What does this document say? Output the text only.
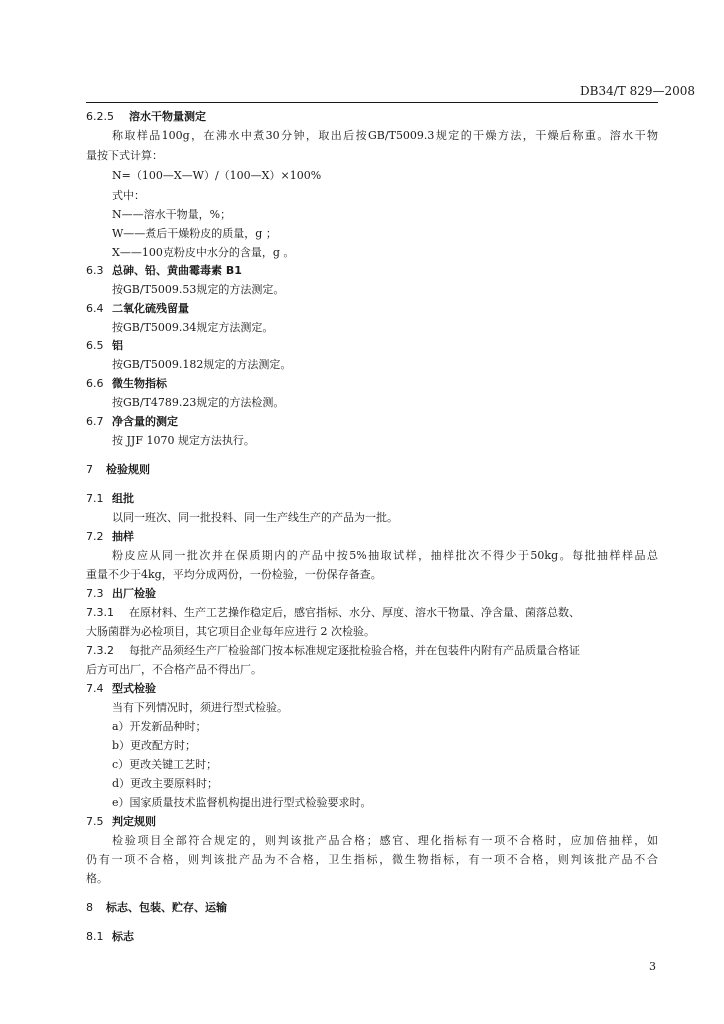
DB34/T 829—2008
6.2.5 溶水干物量测定
称取样品100g，在沸水中煮30分钟，取出后按GB/T5009.3规定的干燥方法，干燥后称重。溶水干物
量按下式计算：
N=（100—X—W）/（100—X）×100%
式中：
N——溶水干物量，%；
W——煮后干燥粉皮的质量，g ；
X——100克粉皮中水分的含量，g 。
6.3 总砷、铅、黄曲霉毒素 B1
按GB/T5009.53规定的方法测定。
6.4 二氧化硫残留量
按GB/T5009.34规定方法测定。
6.5 铝
按GB/T5009.182规定的方法测定。
6.6 微生物指标
按GB/T4789.23规定的方法检测。
6.7 净含量的测定
按 JJF 1070 规定方法执行。
7 检验规则
7.1 组批
以同一班次、同一批投料、同一生产线生产的产品为一批。
7.2 抽样
粉皮应从同一批次并在保质期内的产品中按5%抽取试样，抽样批次不得少于50kg。每批抽样样品总
重量不少于4kg，平均分成两份，一份检验，一份保存备查。
7.3 出厂检验
7.3.1 在原材料、生产工艺操作稳定后，感官指标、水分、厚度、溶水干物量、净含量、菌落总数、
大肠菌群为必检项目，其它项目企业每年应进行 2 次检验。
7.3.2 每批产品须经生产厂检验部门按本标准规定逐批检验合格，并在包装件内附有产品质量合格证
后方可出厂，不合格产品不得出厂。
7.4 型式检验
当有下列情况时，须进行型式检验。
a）开发新品种时；
b）更改配方时；
c）更改关键工艺时；
d）更改主要原料时；
e）国家质量技术监督机构提出进行型式检验要求时。
7.5 判定规则
检验项目全部符合规定的，则判该批产品合格；感官、理化指标有一项不合格时，应加倍抽样，如
仍有一项不合格，则判该批产品为不合格，卫生指标，微生物指标，有一项不合格，则判该批产品不合
格。
8 标志、包装、贮存、运输
8.1 标志
3
